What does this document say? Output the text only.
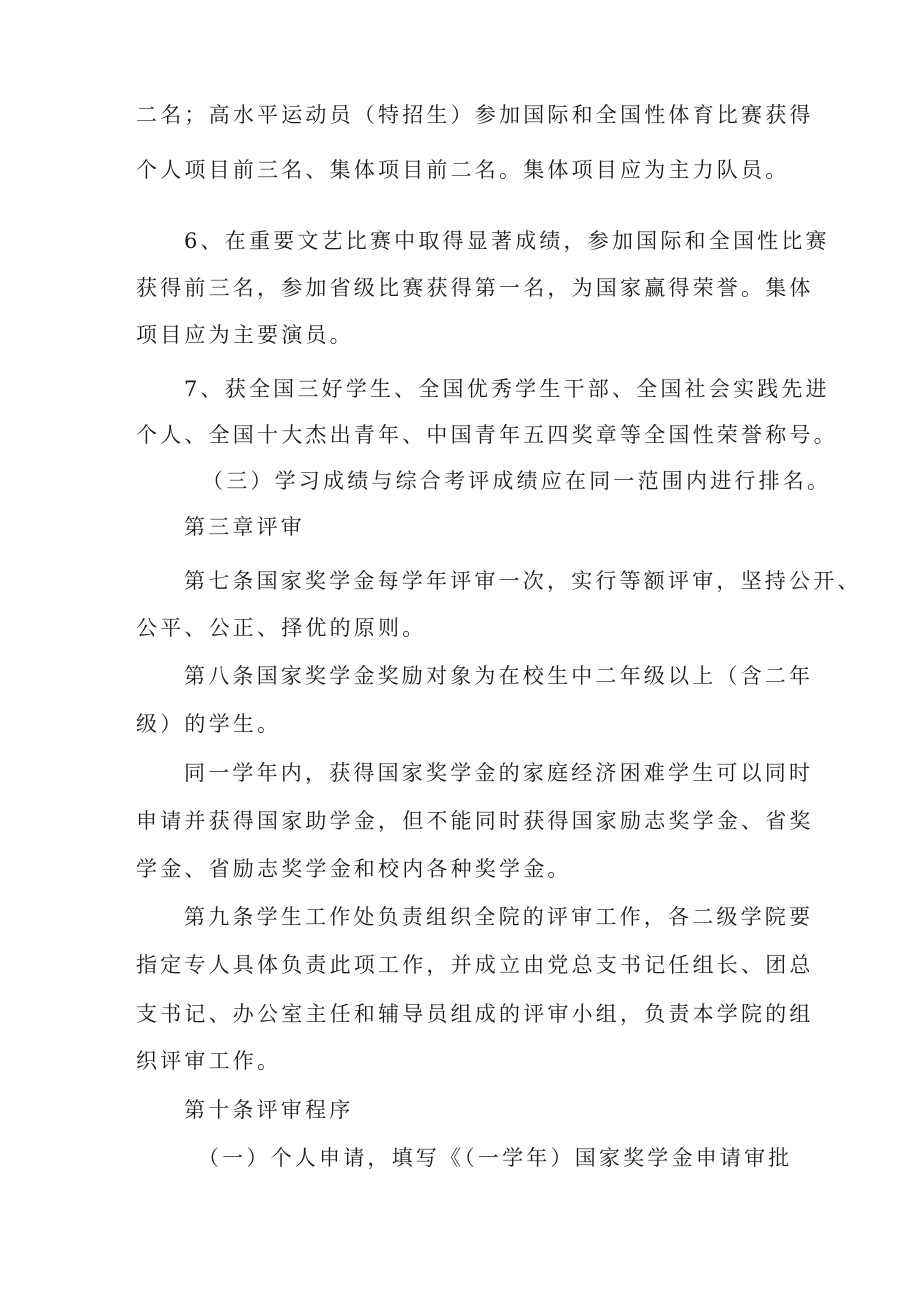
二名；高水平运动员（特招生）参加国际和全国性体育比赛获得
个人项目前三名、集体项目前二名。集体项目应为主力队员。
6、在重要文艺比赛中取得显著成绩，参加国际和全国性比赛
获得前三名，参加省级比赛获得第一名，为国家赢得荣誉。集体
项目应为主要演员。
7、获全国三好学生、全国优秀学生干部、全国社会实践先进
个人、全国十大杰出青年、中国青年五四奖章等全国性荣誉称号。
（三）学习成绩与综合考评成绩应在同一范围内进行排名。
第三章评审
第七条国家奖学金每学年评审一次，实行等额评审，坚持公开、
公平、公正、择优的原则。
第八条国家奖学金奖励对象为在校生中二年级以上（含二年
级）的学生。
同一学年内，获得国家奖学金的家庭经济困难学生可以同时
申请并获得国家助学金，但不能同时获得国家励志奖学金、省奖
学金、省励志奖学金和校内各种奖学金。
第九条学生工作处负责组织全院的评审工作，各二级学院要
指定专人具体负责此项工作，并成立由党总支书记任组长、团总
支书记、办公室主任和辅导员组成的评审小组，负责本学院的组
织评审工作。
第十条评审程序
（一）个人申请，填写《（一学年）国家奖学金申请审批
